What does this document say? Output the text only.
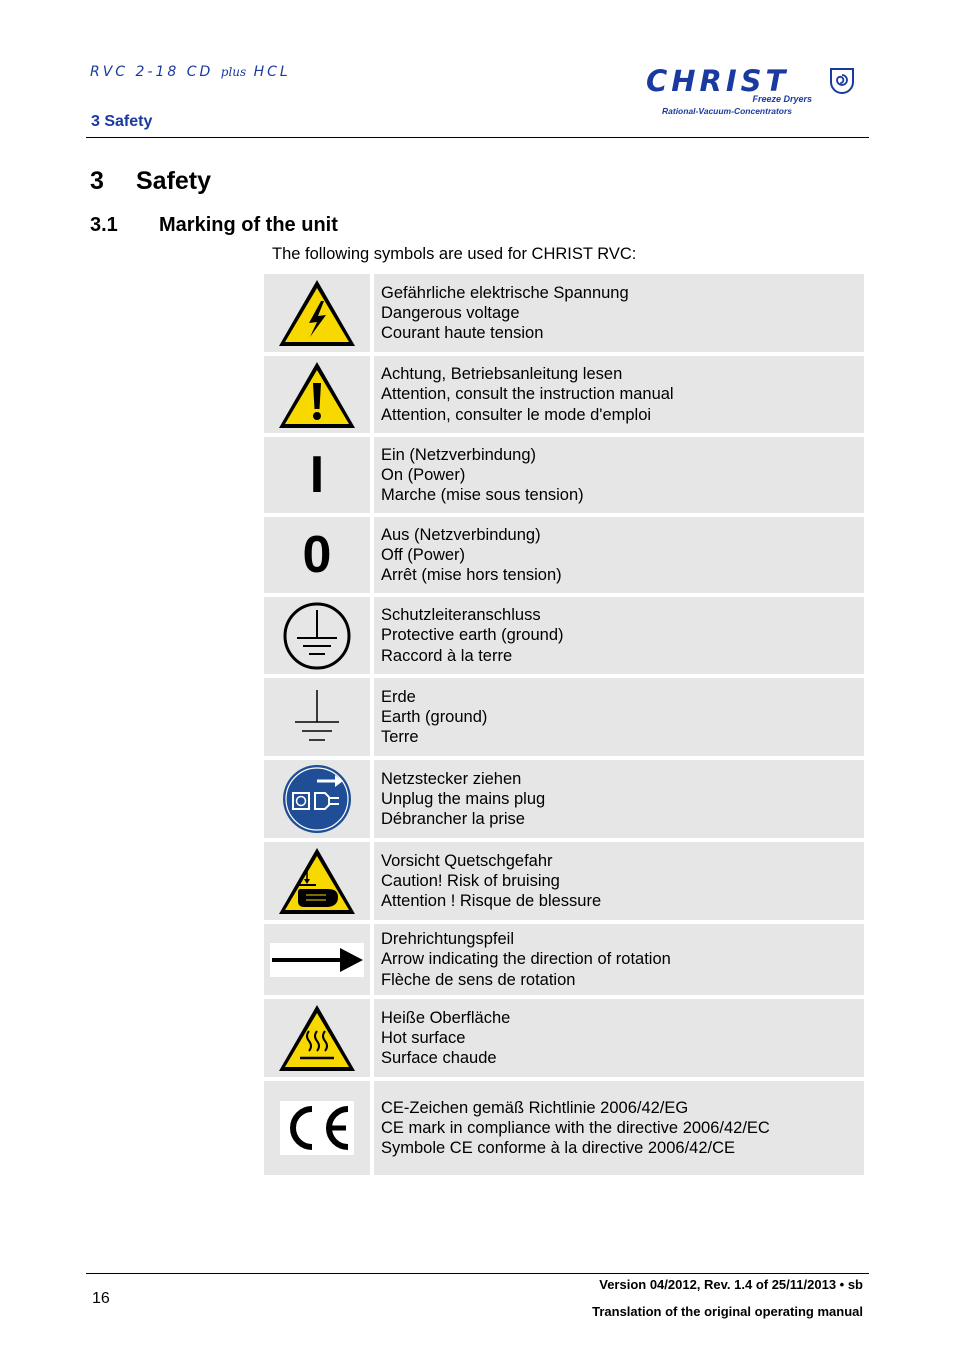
RVC 2-18 CD plus HCL
3 Safety
CHRIST
Freeze Dryers
Rational-Vacuum-Concentrators
3 Safety
3.1 Marking of the unit
The following symbols are used for CHRIST RVC:
Gefährliche elektrische Spannung
Dangerous voltage
Courant haute tension
Achtung, Betriebsanleitung lesen
Attention, consult the instruction manual
Attention, consulter le mode d'emploi
I	Ein (Netzverbindung)
On (Power)
Marche (mise sous tension)
0	Aus (Netzverbindung)
Off (Power)
Arrêt (mise hors tension)
Schutzleiteranschluss
Protective earth (ground)
Raccord à la terre
Erde
Earth (ground)
Terre
Netzstecker ziehen
Unplug the mains plug
Débrancher la prise
Vorsicht Quetschgefahr
Caution! Risk of bruising
Attention ! Risque de blessure
Drehrichtungspfeil
Arrow indicating the direction of rotation
Flèche de sens de rotation
Heiße Oberfläche
Hot surface
Surface chaude
CE-Zeichen gemäß Richtlinie 2006/42/EG
CE mark in compliance with the directive 2006/42/EC
Symbole CE conforme à la directive 2006/42/CE
16
Version 04/2012, Rev. 1.4 of 25/11/2013 • sb
Translation of the original operating manual
